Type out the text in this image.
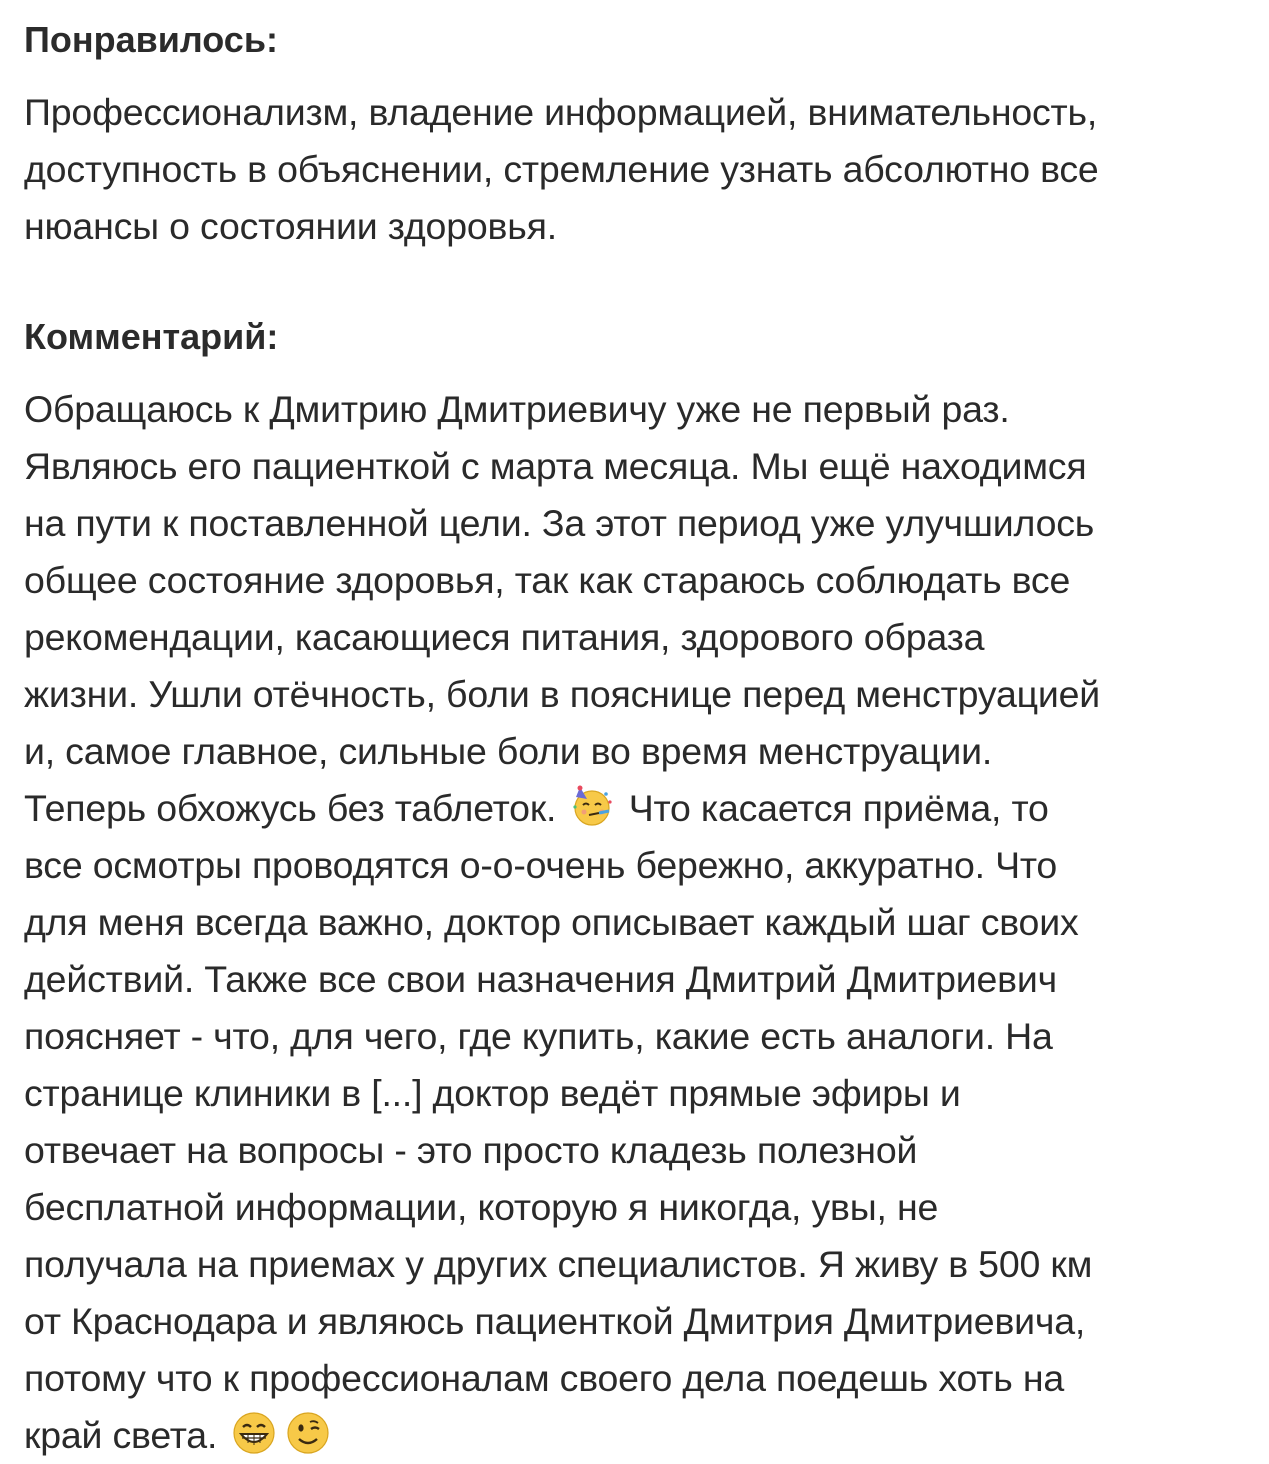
Понравилось:

Профессионализм, владение информацией, внимательность,
доступность в объяснении, стремление узнать абсолютно все
нюансы о состоянии здоровья.

Комментарий:

Обращаюсь к Дмитрию Дмитриевичу уже не первый раз.
Являюсь его пациенткой с марта месяца. Мы ещё находимся
на пути к поставленной цели. За этот период уже улучшилось
общее состояние здоровья, так как стараюсь соблюдать все
рекомендации, касающиеся питания, здорового образа
жизни. Ушли отёчность, боли в пояснице перед менструацией
и, самое главное, сильные боли во время менструации.
Теперь обхожусь без таблеток. Что касается приёма, то
все осмотры проводятся о-о-очень бережно, аккуратно. Что
для меня всегда важно, доктор описывает каждый шаг своих
действий. Также все свои назначения Дмитрий Дмитриевич
поясняет - что, для чего, где купить, какие есть аналоги. На
странице клиники в [...] доктор ведёт прямые эфиры и
отвечает на вопросы - это просто кладезь полезной
бесплатной информации, которую я никогда, увы, не
получала на приемах у других специалистов. Я живу в 500 км
от Краснодара и являюсь пациенткой Дмитрия Дмитриевича,
потому что к профессионалам своего дела поедешь хоть на
край света.
